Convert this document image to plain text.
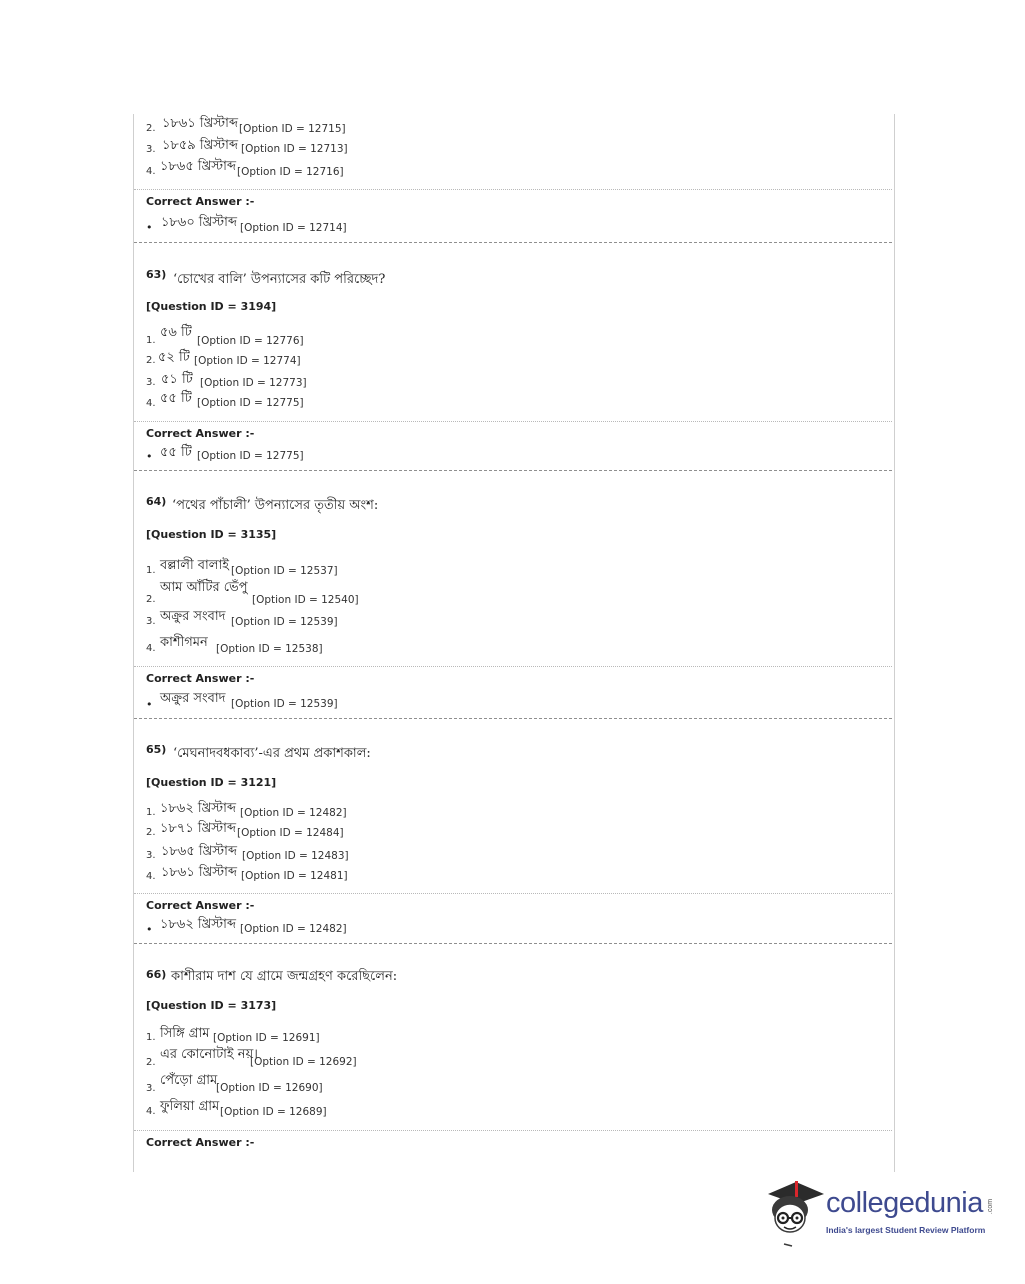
2. ১৮৬১ খ্রিস্টাব্দ [Option ID = 12715]
3. ১৮৫৯ খ্রিস্টাব্দ [Option ID = 12713]
4. ১৮৬৫ খ্রিস্টাব্দ [Option ID = 12716]
Correct Answer :-
• ১৮৬০ খ্রিস্টাব্দ [Option ID = 12714]
63) ‘চোখের বালি’ উপন্যাসের কটি পরিচ্ছেদ?
[Question ID = 3194]
1.
৫৬ টি
[Option ID = 12776]
2. ৫২ টি [Option ID = 12774]
3. ৫১ টি [Option ID = 12773]
4. ৫৫ টি [Option ID = 12775]
Correct Answer :-
• ৫৫ টি [Option ID = 12775]
64) ‘পথের পাঁচালী’ উপন্যাসের তৃতীয় অংশ:
[Question ID = 3135]
1. বল্লালী বালাই [Option ID = 12537]
2.
আম আঁটির ভেঁপু
[Option ID = 12540]
3. অক্রুর সংবাদ [Option ID = 12539]
4. কাশীগমন [Option ID = 12538]
Correct Answer :-
• অক্রুর সংবাদ [Option ID = 12539]
65) ‘মেঘনাদবধকাব্য’-এর প্রথম প্রকাশকাল:
[Question ID = 3121]
1. ১৮৬২ খ্রিস্টাব্দ [Option ID = 12482]
2. ১৮৭১ খ্রিস্টাব্দ [Option ID = 12484]
3. ১৮৬৫ খ্রিস্টাব্দ [Option ID = 12483]
4. ১৮৬১ খ্রিস্টাব্দ [Option ID = 12481]
Correct Answer :-
• ১৮৬২ খ্রিস্টাব্দ [Option ID = 12482]
66) কাশীরাম দাশ যে গ্রামে জন্মগ্রহণ করেছিলেন:
[Question ID = 3173]
1. সিঙ্গি গ্রাম [Option ID = 12691]
2.
এর কোনোটাই নয়।
[Option ID = 12692]
3.
পেঁড়ো গ্রাম
[Option ID = 12690]
4. ফুলিয়া গ্রাম [Option ID = 12689]
Correct Answer :-
collegedunia .com
India's largest Student Review Platform
